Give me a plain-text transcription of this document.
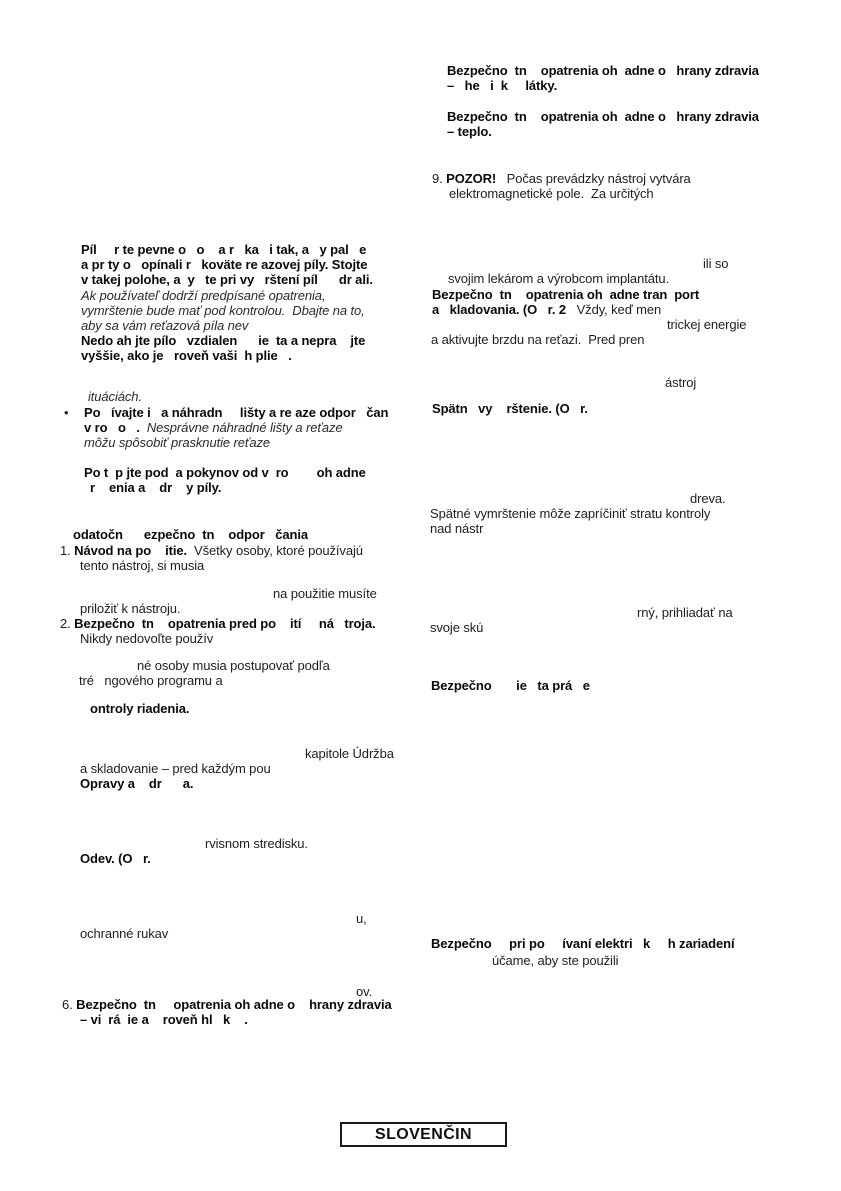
SLOVENČIN
Píl     r te pevne o   o    a r   ka   i tak, a   y pal   e
a pr ty o   opínali r   koväte re azovej píly. Stojte
v takej polohe, a  y   te pri vy   rštení píl      dr ali.
Ak používateľ dodrží predpísané opatrenia,
vymrštenie bude mať pod kontrolou.  Dbajte na to,
aby sa vám reťazová píla nev
Nedo ah jte pílo   vzdialen      ie  ta a nepra    jte
vyššie, ako je   roveň vaši  h plie   .
ituáciách.
• Po   ívajte i   a náhradn     lišty a re aze odpor   čan
v ro   o   .  Nesprávne náhradné lišty a reťaze
môžu spôsobiť prasknutie reťaze
Po t  p jte pod  a pokynov od v  ro        oh adne
r    enia a    dr    y píly.
odatočn      ezpečno  tn    odpor   čania
1. Návod na po    itie.  Všetky osoby, ktoré používajú
tento nástroj, si musia
na použitie musíte
priložiť k nástroju.
2. Bezpečno  tn    opatrenia pred po    ití     ná   troja.
Nikdy nedovoľte použív
né osoby musia postupovať podľa
tré   ngového programu a
ontroly riadenia.
kapitole Údržba
a skladovanie – pred každým pou
Opravy a    dr      a.
rvisnom stredisku.
Odev. (O   r.
u,
ochranné rukav
ov.
6. Bezpečno  tn     opatrenia oh adne o    hrany zdravia
– vi  rá  ie a    roveň hl   k    .
Bezpečno  tn    opatrenia oh  adne o   hrany zdravia
–   he   i  k     látky.
Bezpečno  tn    opatrenia oh  adne o   hrany zdravia
– teplo.
9. POZOR!   Počas prevádzky nástroj vytvára
elektromagnetické pole.  Za určitých
ili so
svojim lekárom a výrobcom implantátu.
Bezpečno  tn    opatrenia oh  adne tran  port
a   kladovania. (O   r. 2   Vždy, keď men
trickej energie
a aktivujte brzdu na reťazi.  Pred pren
ástroj
Spätn   vy    rštenie. (O   r.
dreva.
Spätné vymrštenie môže zapríčiniť stratu kontroly
nad nástr
rný, prihliadať na
svoje skú
Bezpečno       ie   ta prá   e
Bezpečno     pri po     ívaní elektri   k     h zariadení
účame, aby ste použili
